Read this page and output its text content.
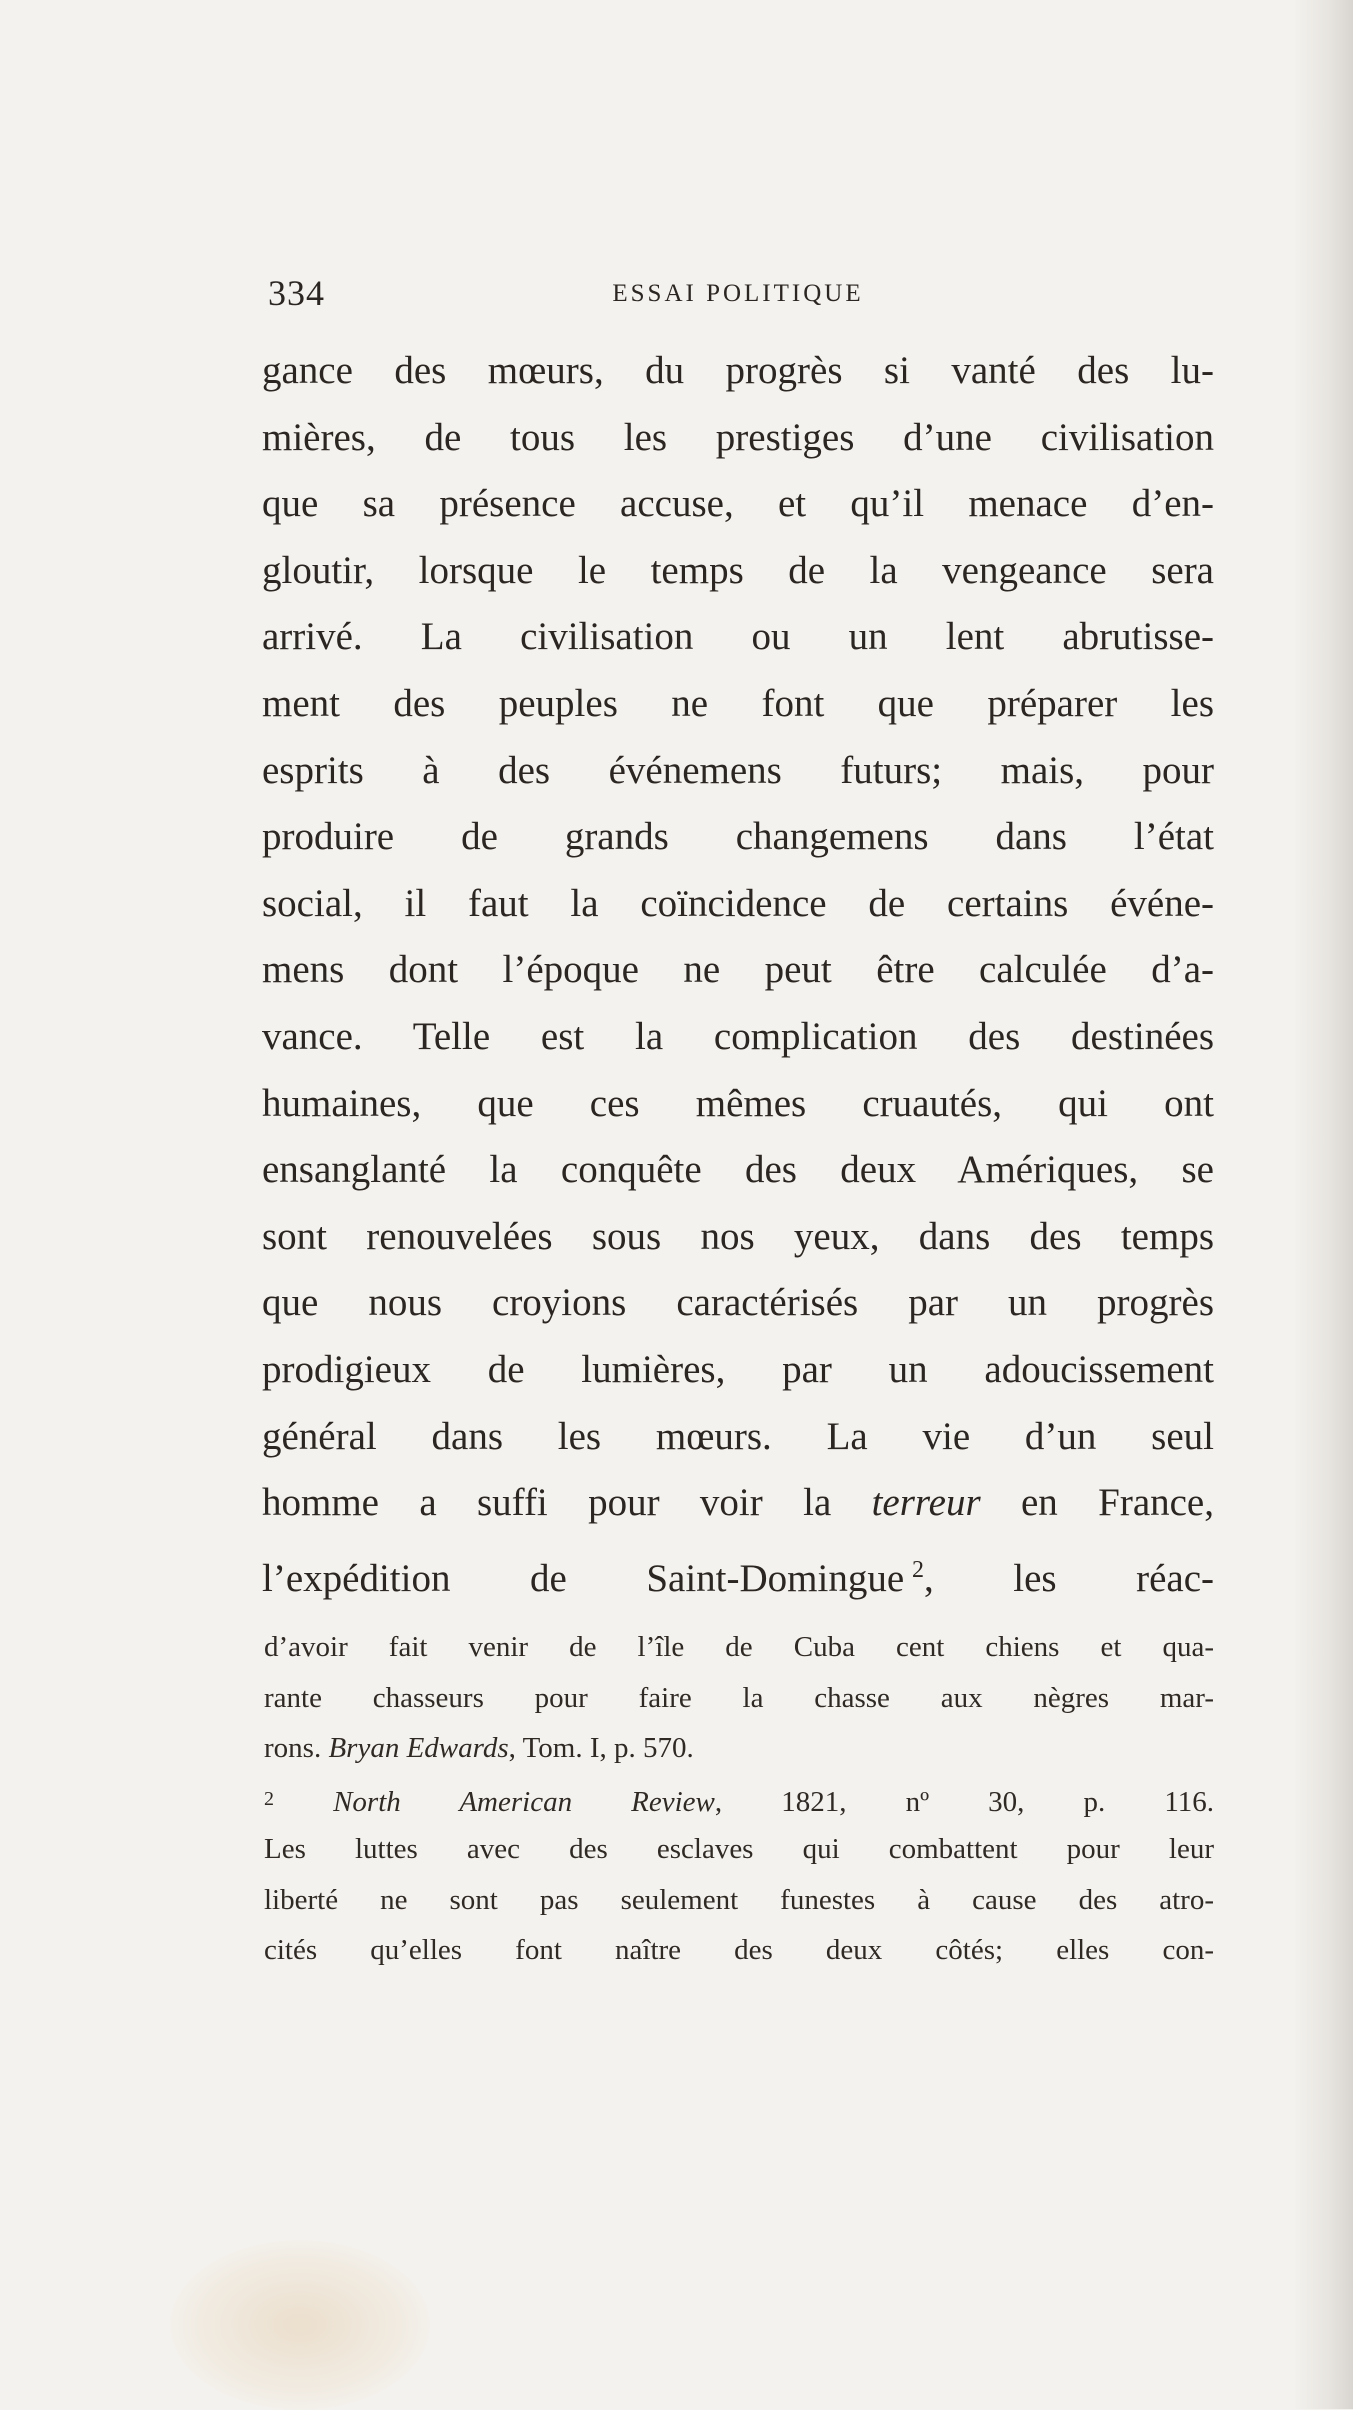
334	ESSAI POLITIQUE
gance des mœurs, du progrès si vanté des lu-
mières, de tous les prestiges d’une civilisation
que sa présence accuse, et qu’il menace d’en-
gloutir, lorsque le temps de la vengeance sera
arrivé. La civilisation ou un lent abrutisse-
ment des peuples ne font que préparer les
esprits à des événemens futurs; mais, pour
produire de grands changemens dans l’état
social, il faut la coïncidence de certains événe-
mens dont l’époque ne peut être calculée d’a-
vance. Telle est la complication des destinées
humaines, que ces mêmes cruautés, qui ont
ensanglanté la conquête des deux Amériques, se
sont renouvelées sous nos yeux, dans des temps
que nous croyions caractérisés par un progrès
prodigieux de lumières, par un adoucissement
général dans les mœurs. La vie d’un seul
homme a suffi pour voir la terreur en France,
l’expédition de Saint-Domingue  $^2$, les réac-
d’avoir fait venir de l’île de Cuba cent chiens et qua-
rante chasseurs pour faire la chasse aux nègres mar-
rons. Bryan Edwards, Tom. I, p. 570.
$^2$ North American Review, 1821, nº 30, p. 116.
Les luttes avec des esclaves qui combattent pour leur
liberté ne sont pas seulement funestes à cause des atro-
cités qu’elles font naître des deux côtés; elles con-
